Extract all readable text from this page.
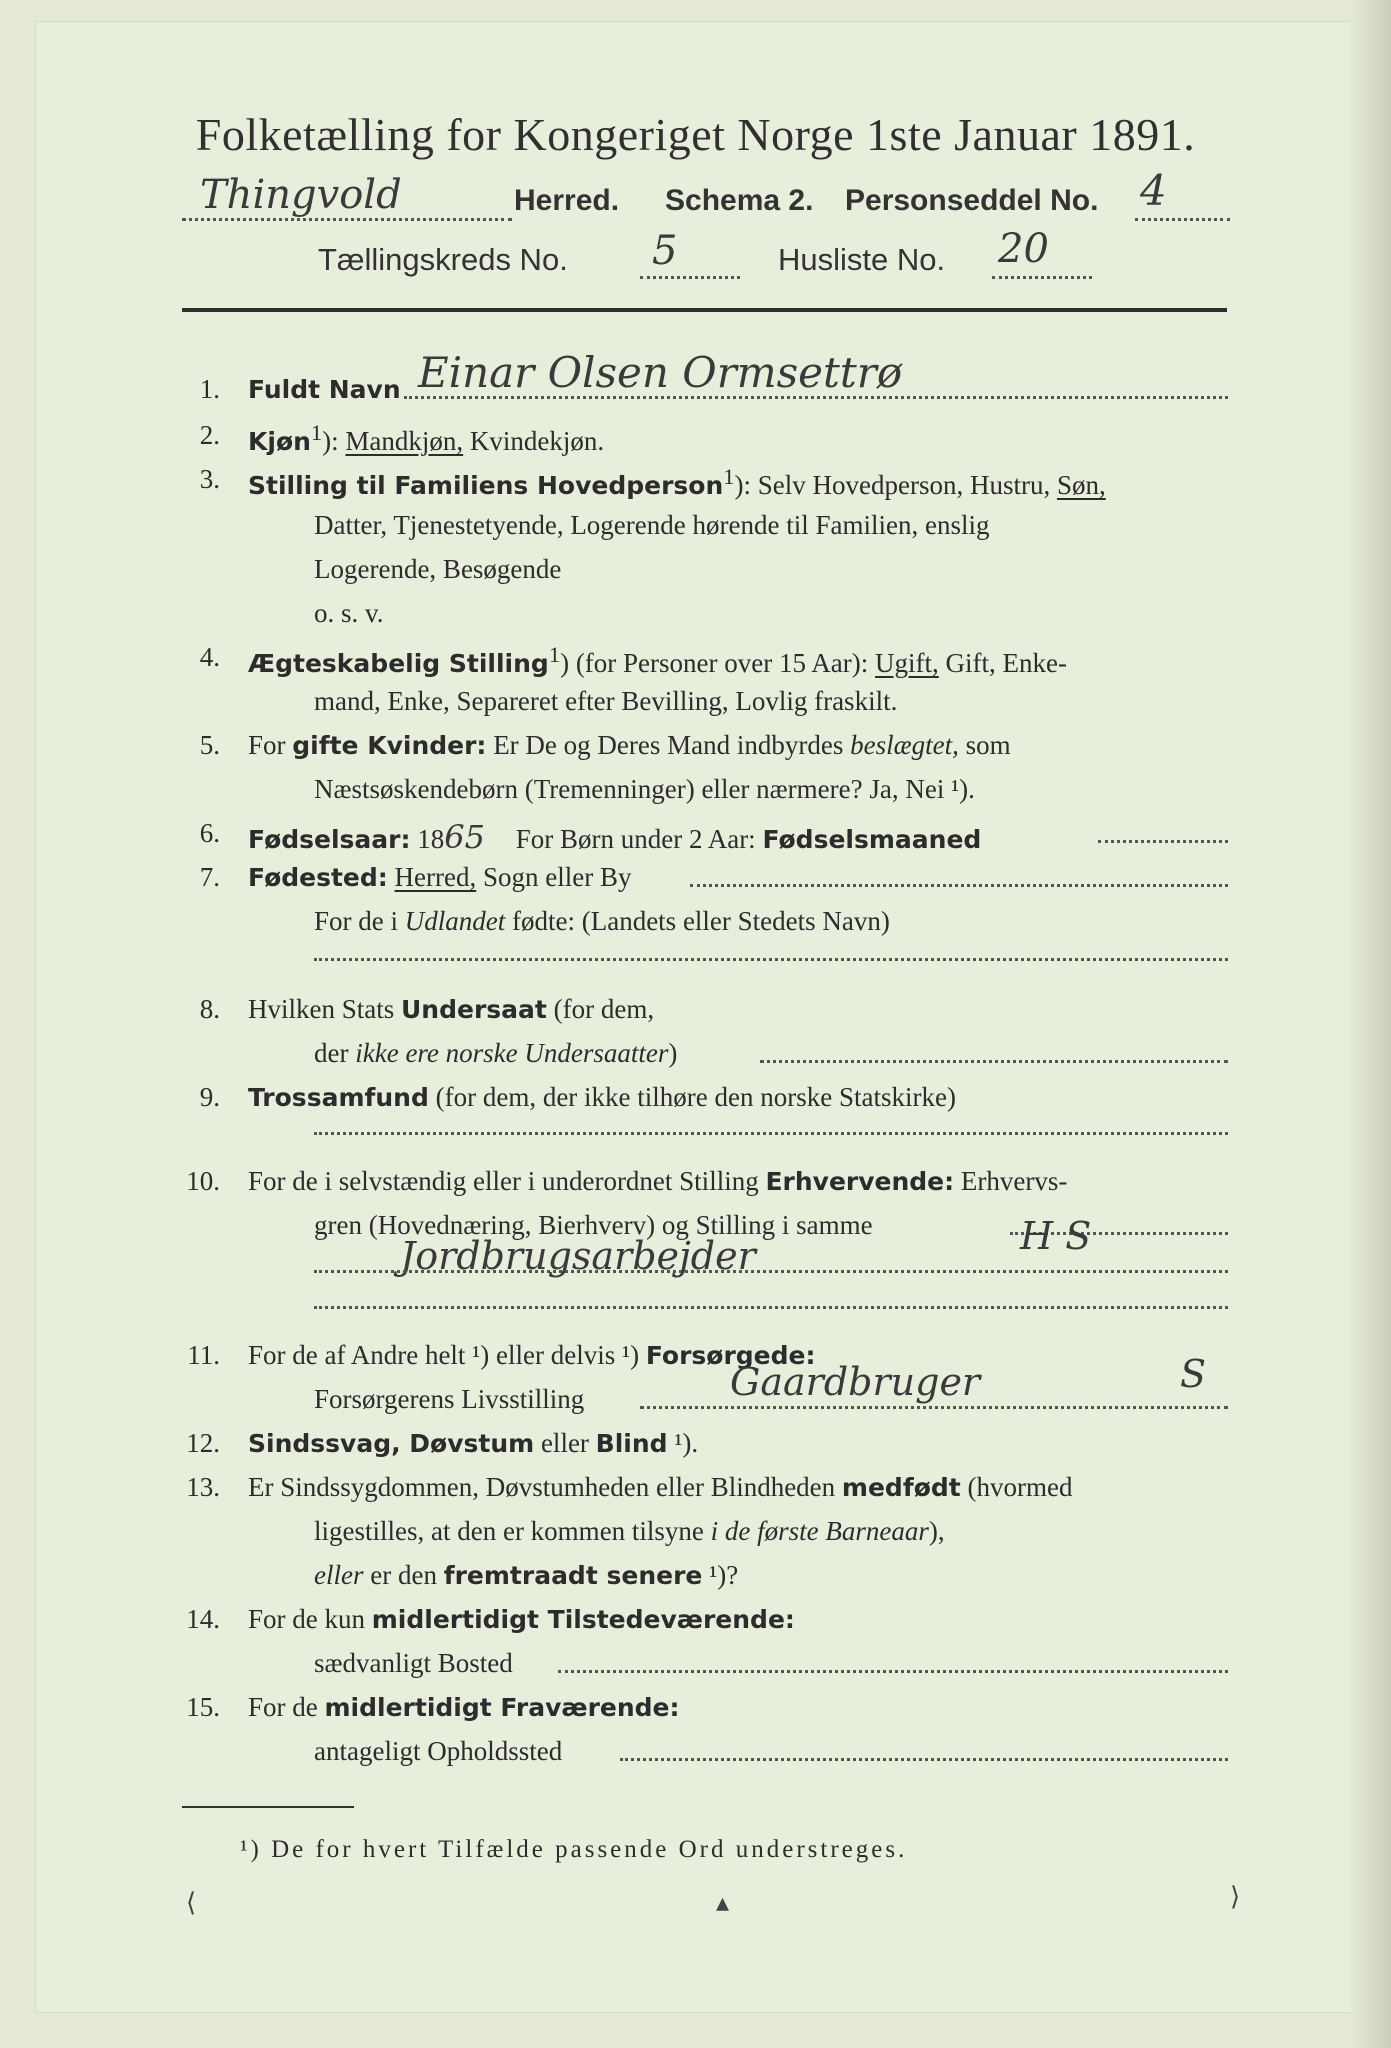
Folketælling for Kongeriget Norge 1ste Januar 1891.
Thingvold	Herred. Schema 2. Personseddel No. 4
Tællingskreds No. 5	Husliste No. 20
1. Fuldt Navn Einar Olsen Ormsettrø
2. Kjøn$^1$): Mandkjøn, Kvindekjøn.
3. Stilling til Familiens Hovedperson$^1$): Selv Hovedperson, Hustru, Søn,
Datter, Tjenestetyende, Logerende hørende til Familien, enslig
Logerende, Besøgende
o. s. v.
4. Ægteskabelig Stilling$^1$) (for Personer over 15 Aar): Ugift, Gift, Enke-
mand, Enke, Separeret efter Bevilling, Lovlig fraskilt.
5. For gifte Kvinder: Er De og Deres Mand indbyrdes beslægtet, som
Næstsøskendebørn (Tremenninger) eller nærmere? Ja, Nei ¹).
6. Fødselsaar: 1865 For Børn under 2 Aar: Fødselsmaaned
7. Fødested: Herred, Sogn eller By
For de i Udlandet fødte: (Landets eller Stedets Navn)
8. Hvilken Stats Undersaat (for dem,
der ikke ere norske Undersaatter)
9. Trossamfund (for dem, der ikke tilhøre den norske Statskirke)
10. For de i selvstændig eller i underordnet Stilling Erhvervende: Erhvervs-
gren (Hovednæring, Bierhverv) og Stilling i samme
Jordbrugsarbejder	H S
11. For de af Andre helt ¹) eller delvis ¹) Forsørgede:
Forsørgerens Livsstilling	Gaardbruger	S
12. Sindssvag, Døvstum eller Blind ¹).
13. Er Sindssygdommen, Døvstumheden eller Blindheden medfødt (hvormed
ligestilles, at den er kommen tilsyne i de første Barneaar),
eller er den fremtraadt senere ¹)?
14. For de kun midlertidigt Tilstedeværende:
sædvanligt Bosted
15. For de midlertidigt Fraværende:
antageligt Opholdssted
¹) De for hvert Tilfælde passende Ord understreges.
⟨	▴	⟩
